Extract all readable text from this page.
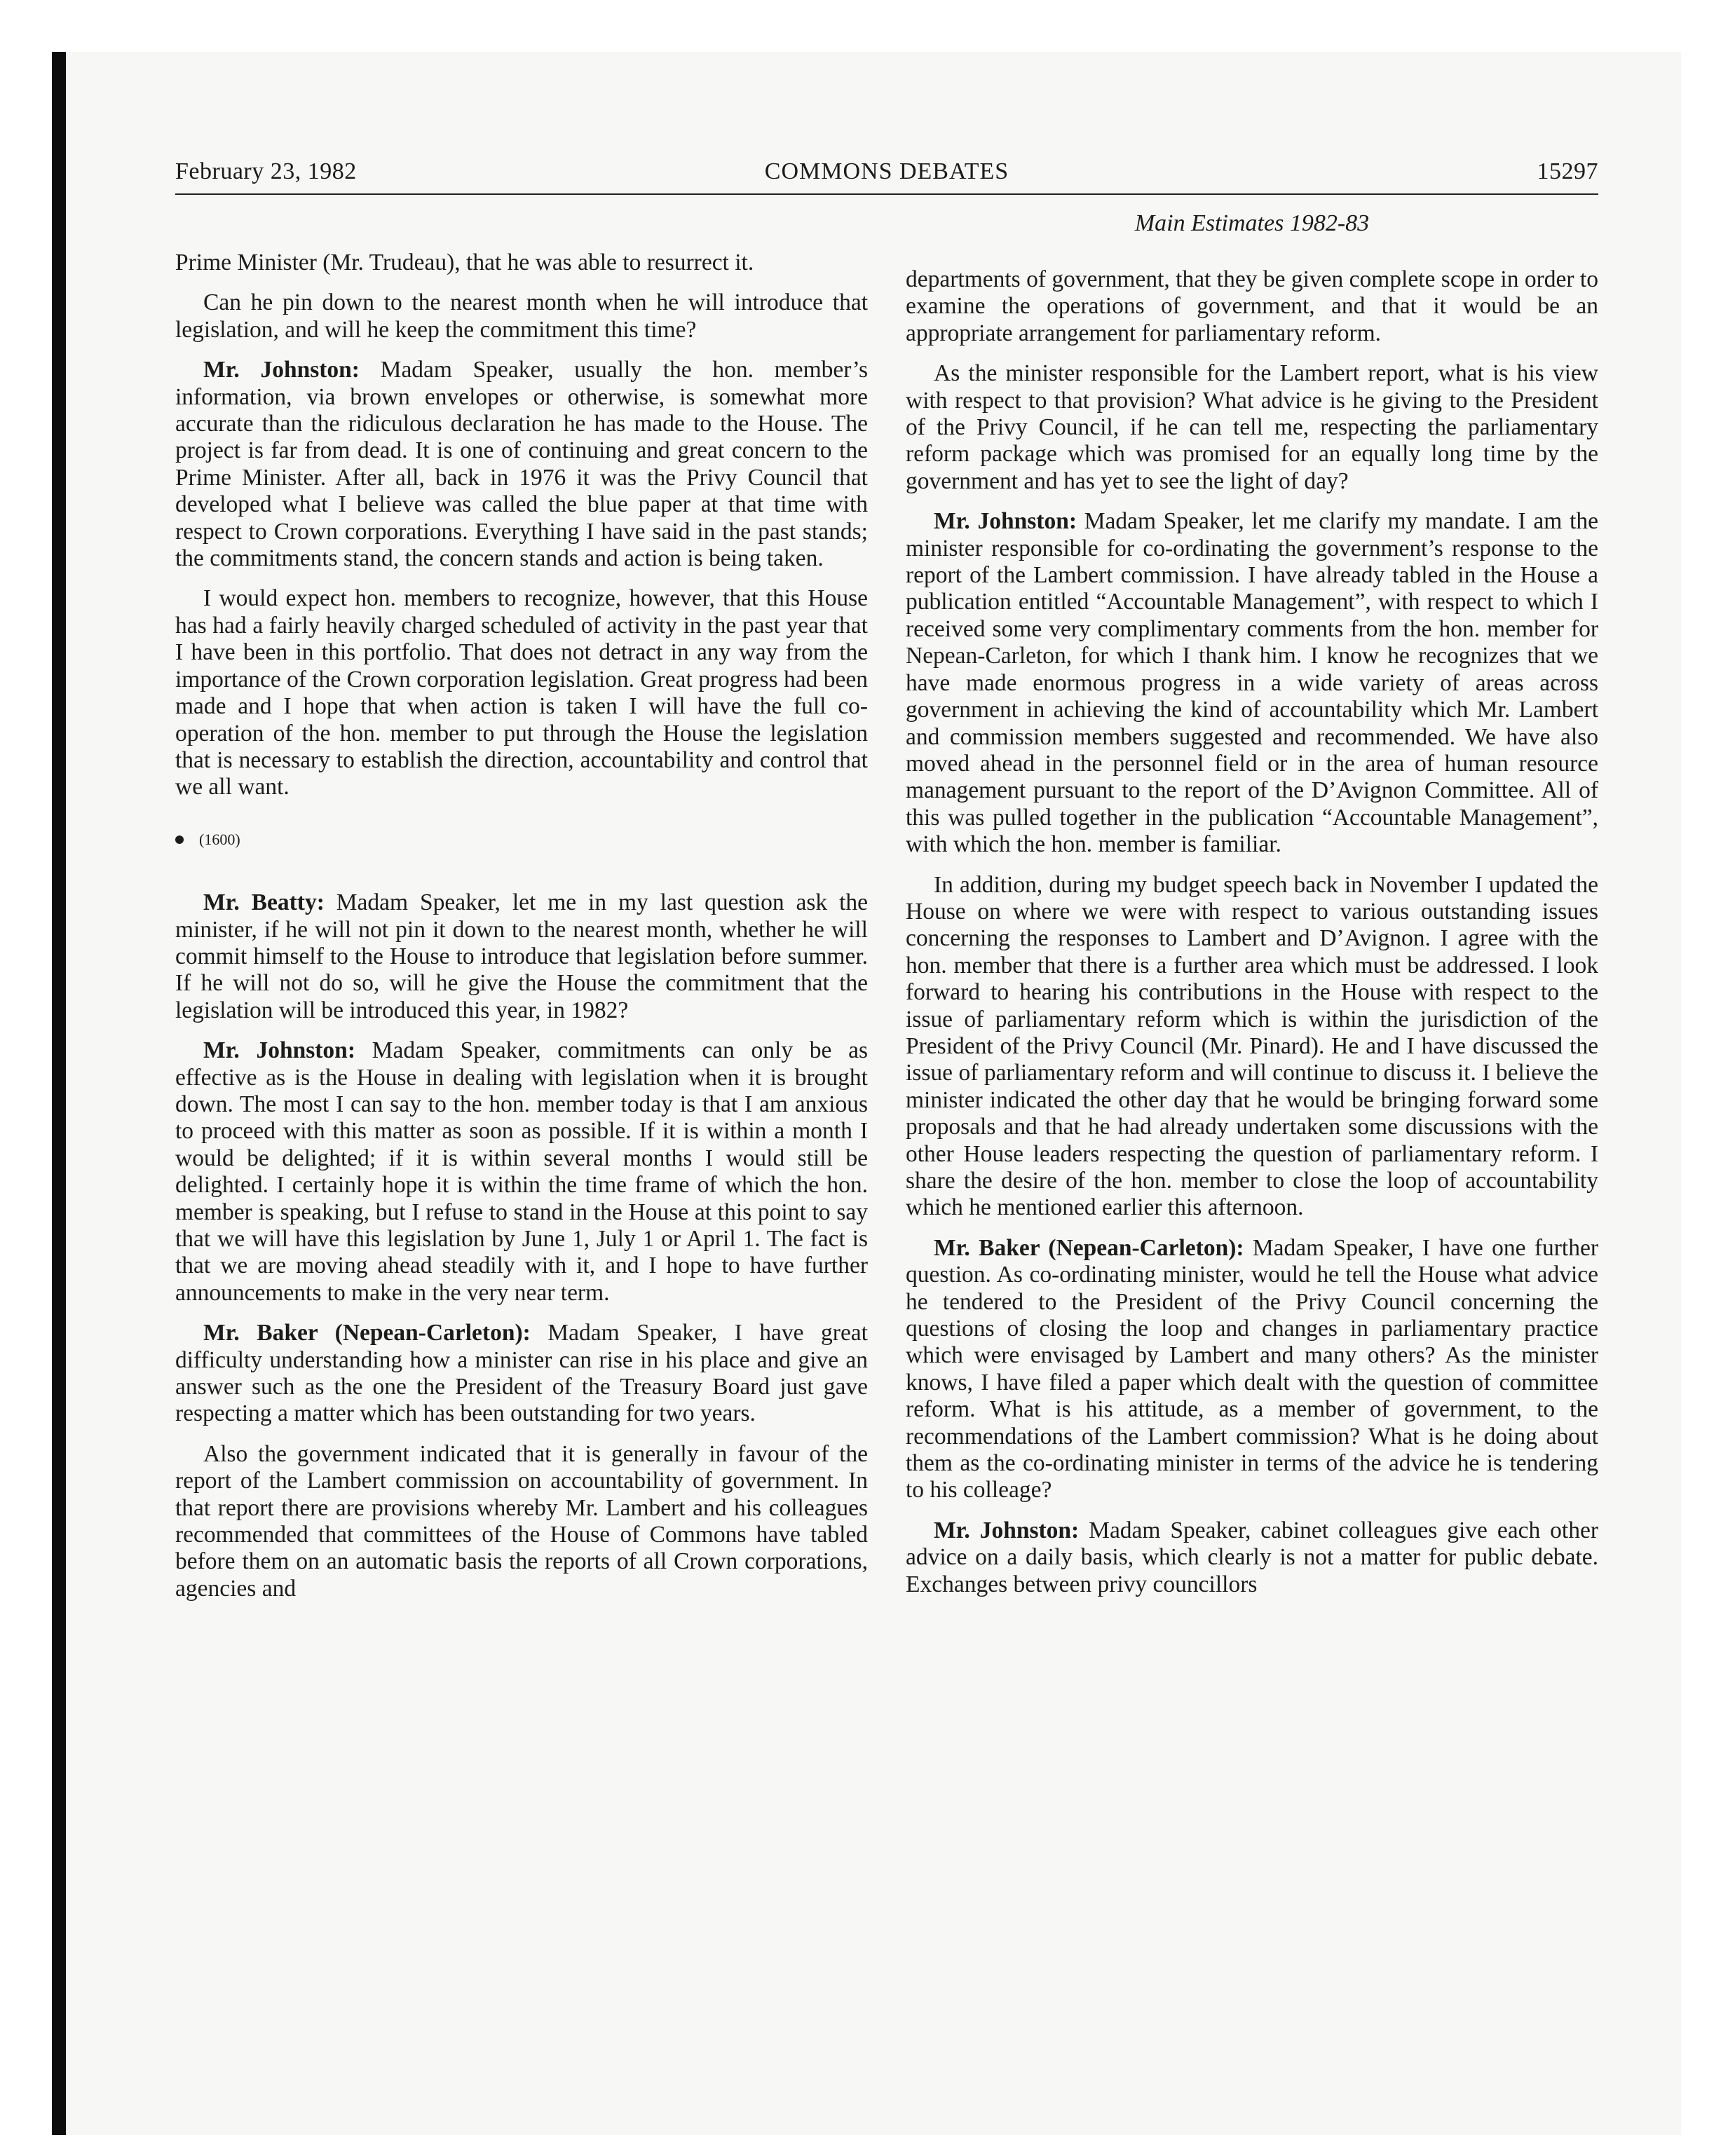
February 23, 1982	COMMONS DEBATES	15297
Main Estimates 1982-83

Prime Minister (Mr. Trudeau), that he was able to resurrect it.

Can he pin down to the nearest month when he will introduce that legislation, and will he keep the commitment this time?

Mr. Johnston: Madam Speaker, usually the hon. member’s information, via brown envelopes or otherwise, is somewhat more accurate than the ridiculous declaration he has made to the House. The project is far from dead. It is one of continuing and great concern to the Prime Minister. After all, back in 1976 it was the Privy Council that developed what I believe was called the blue paper at that time with respect to Crown corporations. Everything I have said in the past stands; the commitments stand, the concern stands and action is being taken.

I would expect hon. members to recognize, however, that this House has had a fairly heavily charged scheduled of activity in the past year that I have been in this portfolio. That does not detract in any way from the importance of the Crown corporation legislation. Great progress had been made and I hope that when action is taken I will have the full co-operation of the hon. member to put through the House the legislation that is necessary to establish the direction, accountability and control that we all want.

(1600)

Mr. Beatty: Madam Speaker, let me in my last question ask the minister, if he will not pin it down to the nearest month, whether he will commit himself to the House to introduce that legislation before summer. If he will not do so, will he give the House the commitment that the legislation will be introduced this year, in 1982?

Mr. Johnston: Madam Speaker, commitments can only be as effective as is the House in dealing with legislation when it is brought down. The most I can say to the hon. member today is that I am anxious to proceed with this matter as soon as possible. If it is within a month I would be delighted; if it is within several months I would still be delighted. I certainly hope it is within the time frame of which the hon. member is speaking, but I refuse to stand in the House at this point to say that we will have this legislation by June 1, July 1 or April 1. The fact is that we are moving ahead steadily with it, and I hope to have further announcements to make in the very near term.

Mr. Baker (Nepean-Carleton): Madam Speaker, I have great difficulty understanding how a minister can rise in his place and give an answer such as the one the President of the Treasury Board just gave respecting a matter which has been outstanding for two years.

Also the government indicated that it is generally in favour of the report of the Lambert commission on accountability of government. In that report there are provisions whereby Mr. Lambert and his colleagues recommended that committees of the House of Commons have tabled before them on an automatic basis the reports of all Crown corporations, agencies and

departments of government, that they be given complete scope in order to examine the operations of government, and that it would be an appropriate arrangement for parliamentary reform.

As the minister responsible for the Lambert report, what is his view with respect to that provision? What advice is he giving to the President of the Privy Council, if he can tell me, respecting the parliamentary reform package which was promised for an equally long time by the government and has yet to see the light of day?

Mr. Johnston: Madam Speaker, let me clarify my mandate. I am the minister responsible for co-ordinating the government’s response to the report of the Lambert commission. I have already tabled in the House a publication entitled “Accountable Management”, with respect to which I received some very complimentary comments from the hon. member for Nepean-Carleton, for which I thank him. I know he recognizes that we have made enormous progress in a wide variety of areas across government in achieving the kind of accountability which Mr. Lambert and commission members suggested and recommended. We have also moved ahead in the personnel field or in the area of human resource management pursuant to the report of the D’Avignon Committee. All of this was pulled together in the publication “Accountable Management”, with which the hon. member is familiar.

In addition, during my budget speech back in November I updated the House on where we were with respect to various outstanding issues concerning the responses to Lambert and D’Avignon. I agree with the hon. member that there is a further area which must be addressed. I look forward to hearing his contributions in the House with respect to the issue of parliamentary reform which is within the jurisdiction of the President of the Privy Council (Mr. Pinard). He and I have discussed the issue of parliamentary reform and will continue to discuss it. I believe the minister indicated the other day that he would be bringing forward some proposals and that he had already undertaken some discussions with the other House leaders respecting the question of parliamentary reform. I share the desire of the hon. member to close the loop of accountability which he mentioned earlier this afternoon.

Mr. Baker (Nepean-Carleton): Madam Speaker, I have one further question. As co-ordinating minister, would he tell the House what advice he tendered to the President of the Privy Council concerning the questions of closing the loop and changes in parliamentary practice which were envisaged by Lambert and many others? As the minister knows, I have filed a paper which dealt with the question of committee reform. What is his attitude, as a member of government, to the recommendations of the Lambert commission? What is he doing about them as the co-ordinating minister in terms of the advice he is tendering to his colleage?

Mr. Johnston: Madam Speaker, cabinet colleagues give each other advice on a daily basis, which clearly is not a matter for public debate. Exchanges between privy councillors
